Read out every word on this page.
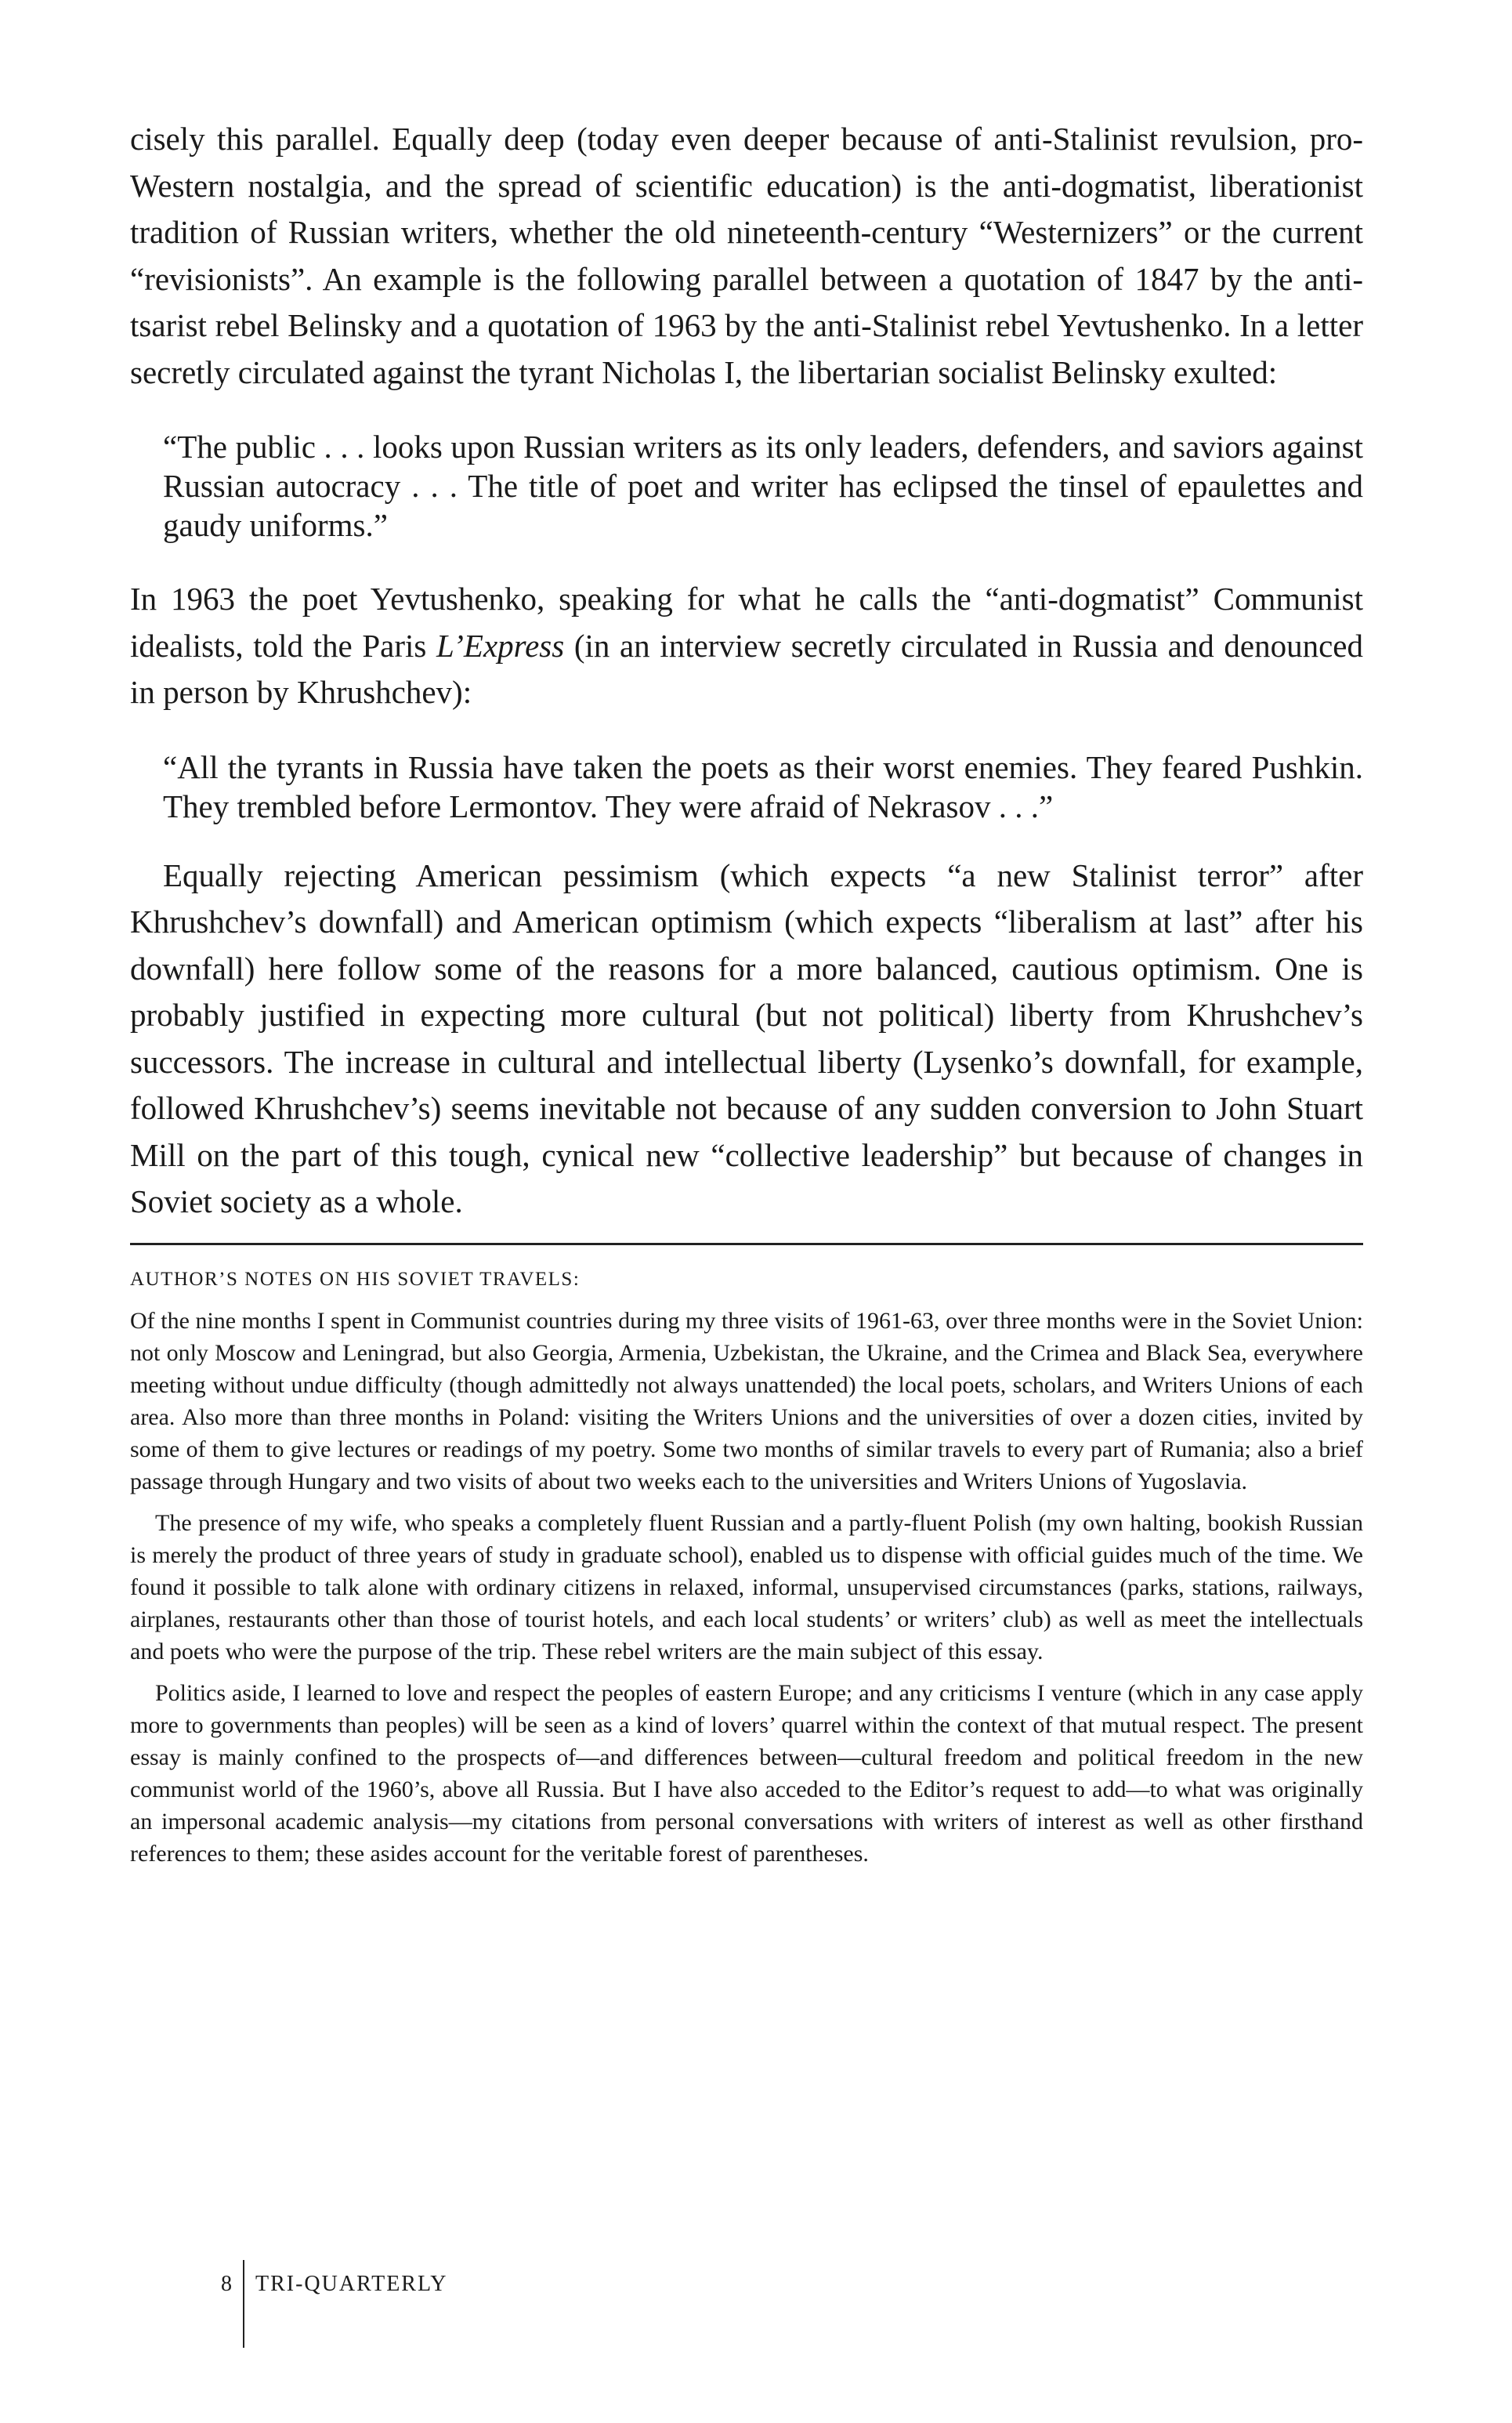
cisely this parallel. Equally deep (today even deeper because of anti-Stalinist revulsion, pro-Western nostalgia, and the spread of scientific education) is the anti-dogmatist, liberationist tradition of Russian writers, whether the old nineteenth-century “Westernizers” or the current “revisionists”. An example is the following parallel between a quotation of 1847 by the anti-tsarist rebel Belinsky and a quotation of 1963 by the anti-Stalinist rebel Yevtushenko. In a letter secretly circulated against the tyrant Nicholas I, the libertarian socialist Belinsky exulted:

“The public . . . looks upon Russian writers as its only leaders, defenders, and saviors against Russian autocracy . . . The title of poet and writer has eclipsed the tinsel of epaulettes and gaudy uniforms.”

In 1963 the poet Yevtushenko, speaking for what he calls the “anti-dogmatist” Communist idealists, told the Paris L’Express (in an interview secretly circulated in Russia and denounced in person by Khrushchev):

“All the tyrants in Russia have taken the poets as their worst enemies. They feared Pushkin. They trembled before Lermontov. They were afraid of Nekrasov . . .”

Equally rejecting American pessimism (which expects “a new Stalinist terror” after Khrushchev’s downfall) and American optimism (which expects “liberalism at last” after his downfall) here follow some of the reasons for a more balanced, cautious optimism. One is probably justified in expecting more cultural (but not political) liberty from Khrushchev’s successors. The increase in cultural and intellectual liberty (Lysenko’s downfall, for example, followed Khrushchev’s) seems inevitable not because of any sudden conversion to John Stuart Mill on the part of this tough, cynical new “collective leadership” but because of changes in Soviet society as a whole.

AUTHOR’S NOTES ON HIS SOVIET TRAVELS:

Of the nine months I spent in Communist countries during my three visits of 1961-63, over three months were in the Soviet Union: not only Moscow and Leningrad, but also Georgia, Armenia, Uzbekistan, the Ukraine, and the Crimea and Black Sea, everywhere meeting without undue difficulty (though admittedly not always unattended) the local poets, scholars, and Writers Unions of each area. Also more than three months in Poland: visiting the Writers Unions and the universities of over a dozen cities, invited by some of them to give lectures or readings of my poetry. Some two months of similar travels to every part of Rumania; also a brief passage through Hungary and two visits of about two weeks each to the universities and Writers Unions of Yugoslavia.

The presence of my wife, who speaks a completely fluent Russian and a partly-fluent Polish (my own halting, bookish Russian is merely the product of three years of study in graduate school), enabled us to dispense with official guides much of the time. We found it possible to talk alone with ordinary citizens in relaxed, informal, unsupervised circumstances (parks, stations, railways, airplanes, restaurants other than those of tourist hotels, and each local students’ or writers’ club) as well as meet the intellectuals and poets who were the purpose of the trip. These rebel writers are the main subject of this essay.

Politics aside, I learned to love and respect the peoples of eastern Europe; and any criticisms I venture (which in any case apply more to governments than peoples) will be seen as a kind of lovers’ quarrel within the context of that mutual respect. The present essay is mainly confined to the prospects of—and differences between—cultural freedom and political freedom in the new communist world of the 1960’s, above all Russia. But I have also acceded to the Editor’s request to add—to what was originally an impersonal academic analysis—my citations from personal conversations with writers of interest as well as other firsthand references to them; these asides account for the veritable forest of parentheses.

8	TRI-QUARTERLY
